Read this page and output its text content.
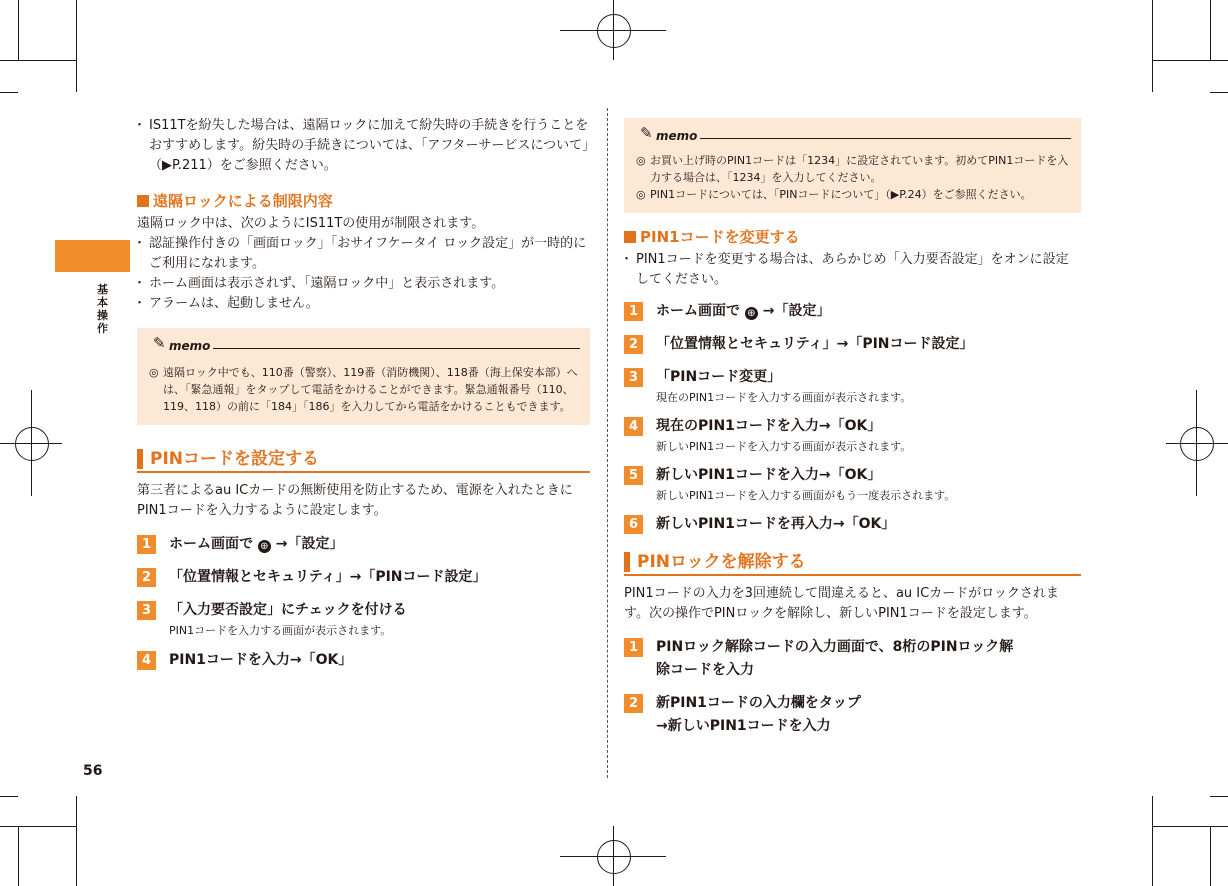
基本操作
56

・ IS11Tを紛失した場合は、遠隔ロックに加えて紛失時の手続きを行うことをおすすめします。紛失時の手続きについては、「アフターサービスについて」（▶P.211）をご参照ください。

遠隔ロックによる制限内容

遠隔ロック中は、次のようにIS11Tの使用が制限されます。

・ 認証操作付きの「画面ロック」「おサイフケータイ ロック設定」が一時的にご利用になれます。

・ ホーム画面は表示されず、「遠隔ロック中」と表示されます。

・ アラームは、起動しません。

✎ memo

◎ 遠隔ロック中でも、110番（警察）、119番（消防機関）、118番（海上保安本部）へは、「緊急通報」をタップして電話をかけることができます。緊急通報番号（110、119、118）の前に「184」「186」を入力してから電話をかけることもできます。

PINコードを設定する

第三者によるau ICカードの無断使用を防止するため、電源を入れたときにPIN1コードを入力するように設定します。

1	ホーム画面で ⊕ →「設定」

2	「位置情報とセキュリティ」→「PINコード設定」

3	「入力要否設定」にチェックを付ける

PIN1コードを入力する画面が表示されます。

4	PIN1コードを入力→「OK」

✎ memo

◎ お買い上げ時のPIN1コードは「1234」に設定されています。初めてPIN1コードを入力する場合は、「1234」を入力してください。

◎ PIN1コードについては、「PINコードについて」（▶P.24）をご参照ください。

PIN1コードを変更する

・ PIN1コードを変更する場合は、あらかじめ「入力要否設定」をオンに設定してください。

1	ホーム画面で ⊕ →「設定」

2	「位置情報とセキュリティ」→「PINコード設定」

3	「PINコード変更」

現在のPIN1コードを入力する画面が表示されます。

4	現在のPIN1コードを入力→「OK」

新しいPIN1コードを入力する画面が表示されます。

5	新しいPIN1コードを入力→「OK」

新しいPIN1コードを入力する画面がもう一度表示されます。

6	新しいPIN1コードを再入力→「OK」

PINロックを解除する

PIN1コードの入力を3回連続して間違えると、au ICカードがロックされます。次の操作でPINロックを解除し、新しいPIN1コードを設定します。

1	PINロック解除コードの入力画面で、8桁のPINロック解

除コードを入力

2	新PIN1コードの入力欄をタップ

→新しいPIN1コードを入力
